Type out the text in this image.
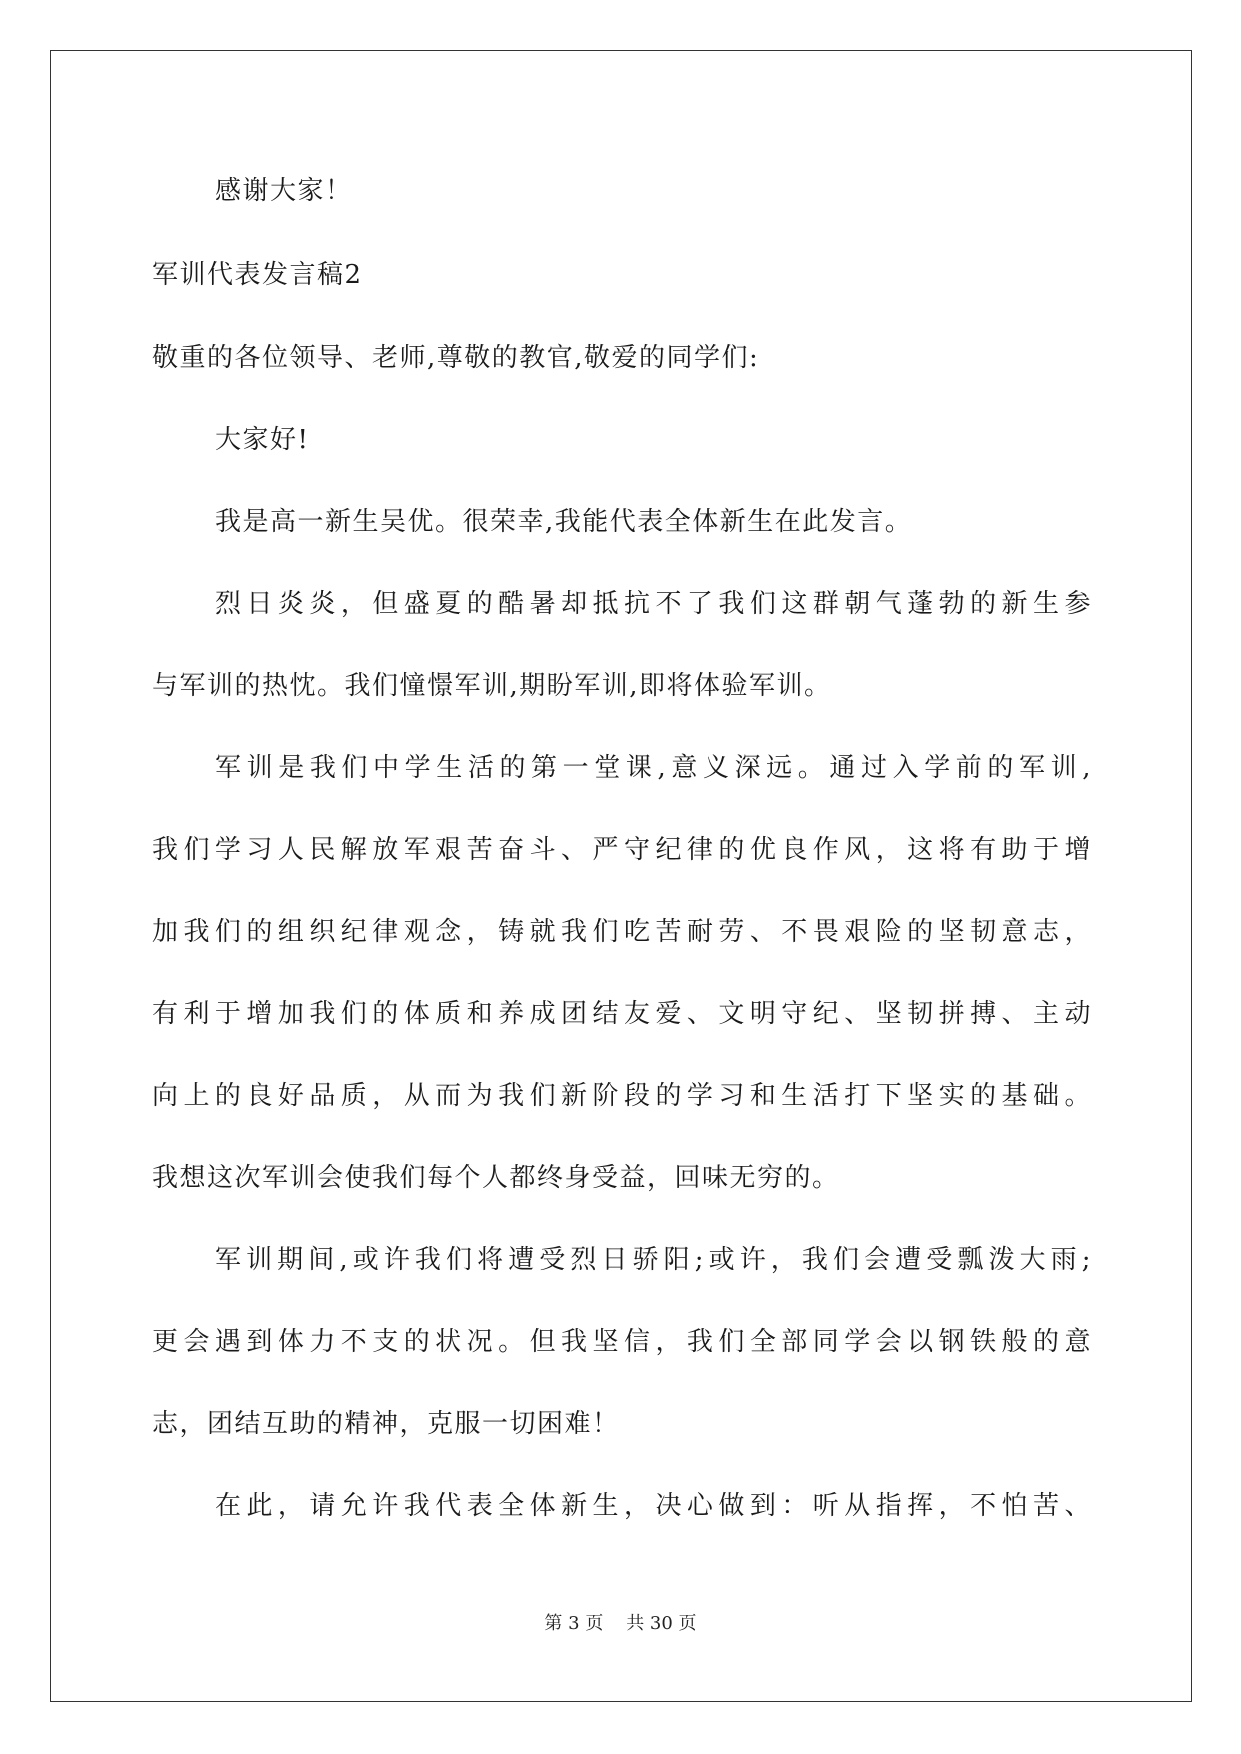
感谢大家！
军训代表发言稿2
敬重的各位领导、老师,尊敬的教官,敬爱的同学们:
大家好!
我是高一新生吴优。很荣幸,我能代表全体新生在此发言。
烈日炎炎，但盛夏的酷暑却抵抗不了我们这群朝气蓬勃的新生参
与军训的热忱。我们憧憬军训,期盼军训,即将体验军训。
军训是我们中学生活的第一堂课,意义深远。通过入学前的军训,
我们学习人民解放军艰苦奋斗、严守纪律的优良作风，这将有助于增
加我们的组织纪律观念，铸就我们吃苦耐劳、不畏艰险的坚韧意志，
有利于增加我们的体质和养成团结友爱、文明守纪、坚韧拼搏、主动
向上的良好品质，从而为我们新阶段的学习和生活打下坚实的基础。
我想这次军训会使我们每个人都终身受益，回味无穷的。
军训期间,或许我们将遭受烈日骄阳;或许，我们会遭受瓢泼大雨;
更会遇到体力不支的状况。但我坚信，我们全部同学会以钢铁般的意
志，团结互助的精神，克服一切困难！
在此，请允许我代表全体新生，决心做到：听从指挥，不怕苦、
第 3 页    共 30 页
